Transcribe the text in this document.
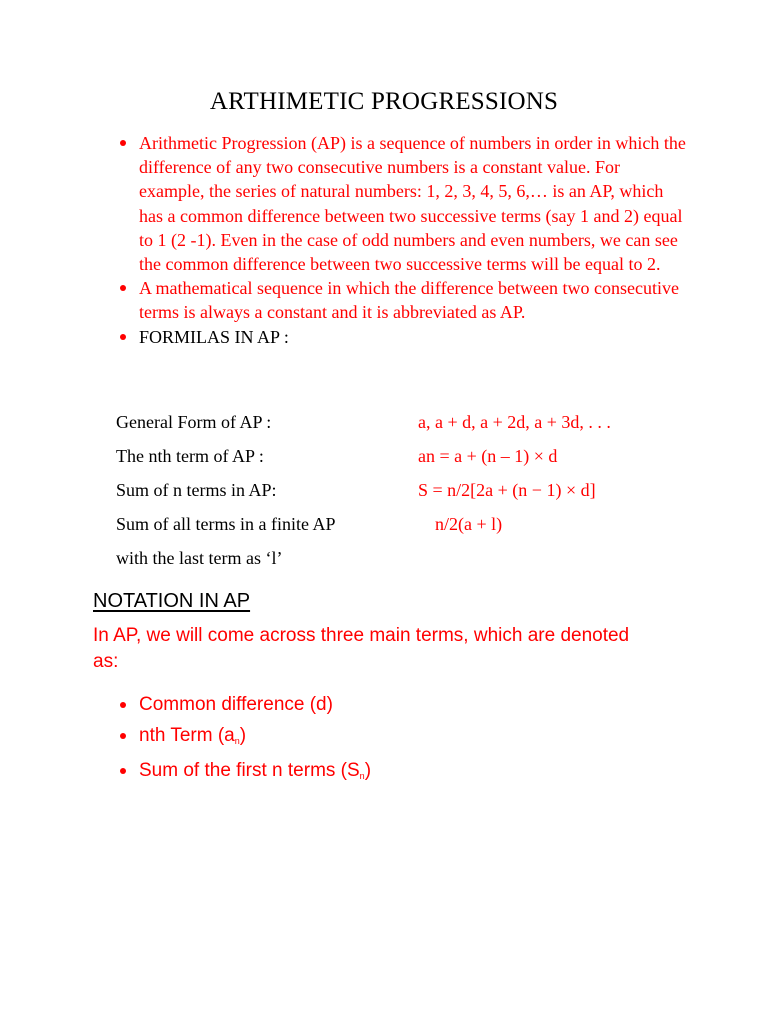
ARTHIMETIC PROGRESSIONS
Arithmetic Progression (AP) is a sequence of numbers in order in which the difference of any two consecutive numbers is a constant value. For example, the series of natural numbers: 1, 2, 3, 4, 5, 6,… is an AP, which has a common difference between two successive terms (say 1 and 2) equal to 1 (2 -1). Even in the case of odd numbers and even numbers, we can see the common difference between two successive terms will be equal to 2.
A mathematical sequence in which the difference between two consecutive terms is always a constant and it is abbreviated as AP.
FORMILAS IN AP :
General Form of AP :	a, a + d, a + 2d, a + 3d, . . .
The nth term of AP :	an = a + (n – 1) × d
Sum of n terms in AP:	S = n/2[2a + (n − 1) × d]
Sum of all terms in a finite AP	n/2(a + l)
with the last term as ‘l’
NOTATION IN AP
In AP, we will come across three main terms, which are denoted as:
Common difference (d)
nth Term $(a_n)$
Sum of the first n terms $(S_n)$
